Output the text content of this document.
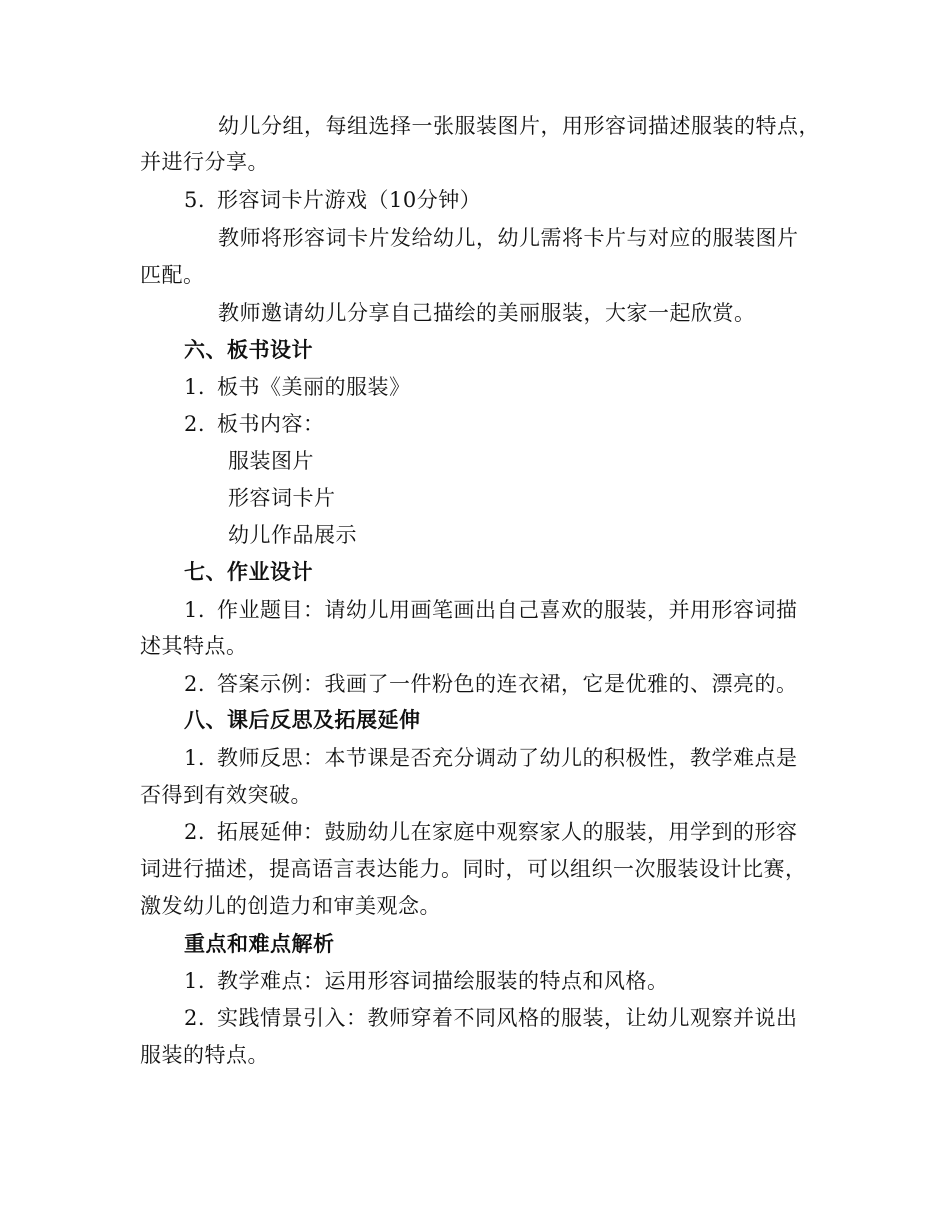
幼儿分组，每组选择一张服装图片，用形容词描述服装的特点，
并进行分享。
5. 形容词卡片游戏（10分钟）
教师将形容词卡片发给幼儿，幼儿需将卡片与对应的服装图片
匹配。
教师邀请幼儿分享自己描绘的美丽服装，大家一起欣赏。
六、板书设计
1. 板书《美丽的服装》
2. 板书内容：
服装图片
形容词卡片
幼儿作品展示
七、作业设计
1. 作业题目：请幼儿用画笔画出自己喜欢的服装，并用形容词描
述其特点。
2. 答案示例：我画了一件粉色的连衣裙，它是优雅的、漂亮的。
八、课后反思及拓展延伸
1. 教师反思：本节课是否充分调动了幼儿的积极性，教学难点是
否得到有效突破。
2. 拓展延伸：鼓励幼儿在家庭中观察家人的服装，用学到的形容
词进行描述，提高语言表达能力。同时，可以组织一次服装设计比赛，
激发幼儿的创造力和审美观念。
重点和难点解析
1. 教学难点：运用形容词描绘服装的特点和风格。
2. 实践情景引入：教师穿着不同风格的服装，让幼儿观察并说出
服装的特点。
